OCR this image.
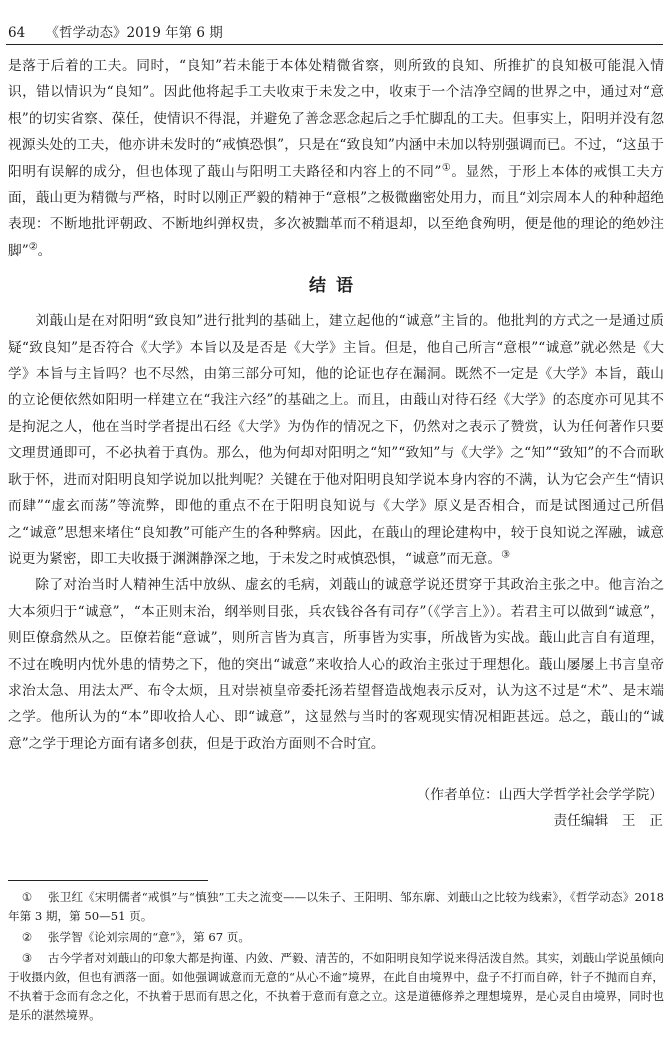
64 《哲学动态》2019 年第 6 期

是落于后着的工夫。同时，“良知”若未能于本体处精微省察，则所致的良知、所推扩的良知极可能混入情识，错以情识为“良知”。因此他将起手工夫收束于未发之中，收束于一个洁净空阔的世界之中，通过对“意根”的切实省察、葆任，使情识不得混，并避免了善念恶念起后之手忙脚乱的工夫。但事实上，阳明并没有忽视源头处的工夫，他亦讲未发时的“戒慎恐惧”，只是在“致良知”内涵中未加以特别强调而已。不过，“这虽于阳明有误解的成分，但也体现了蕺山与阳明工夫路径和内容上的不同”①。显然，于形上本体的戒惧工夫方面，蕺山更为精微与严格，时时以刚正严毅的精神于“意根”之极微幽密处用力，而且“刘宗周本人的种种超绝表现：不断地批评朝政、不断地纠弹权贵，多次被黜革而不稍退却，以至绝食殉明，便是他的理论的绝妙注脚”②。

结语

刘蕺山是在对阳明“致良知”进行批判的基础上，建立起他的“诚意”主旨的。他批判的方式之一是通过质疑“致良知”是否符合《大学》本旨以及是否是《大学》主旨。但是，他自己所言“意根”“诚意”就必然是《大学》本旨与主旨吗？也不尽然，由第三部分可知，他的论证也存在漏洞。既然不一定是《大学》本旨，蕺山的立论便依然如阳明一样建立在“我注六经”的基础之上。而且，由蕺山对待石经《大学》的态度亦可见其不是拘泥之人，他在当时学者提出石经《大学》为伪作的情况之下，仍然对之表示了赞赏，认为任何著作只要文理贯通即可，不必执着于真伪。那么，他为何却对阳明之“知”“致知”与《大学》之“知”“致知”的不合而耿耿于怀，进而对阳明良知学说加以批判呢？关键在于他对阳明良知学说本身内容的不满，认为它会产生“情识而肆”“虚玄而荡”等流弊，即他的重点不在于阳明良知说与《大学》原义是否相合，而是试图通过己所倡之“诚意”思想来堵住“良知教”可能产生的各种弊病。因此，在蕺山的理论建构中，较于良知说之浑融，诚意说更为紧密，即工夫收摄于渊渊静深之地，于未发之时戒慎恐惧，“诚意”而无意。③

除了对治当时人精神生活中放纵、虚玄的毛病，刘蕺山的诚意学说还贯穿于其政治主张之中。他言治之大本须归于“诚意”，“本正则末治，纲举则目张，兵农钱谷各有司存”（《学言上》）。若君主可以做到“诚意”，则臣僚翕然从之。臣僚若能“意诚”，则所言皆为真言，所事皆为实事，所战皆为实战。蕺山此言自有道理，不过在晚明内忧外患的情势之下，他的突出“诚意”来收拾人心的政治主张过于理想化。蕺山屡屡上书言皇帝求治太急、用法太严、布令太烦，且对崇祯皇帝委托汤若望督造战炮表示反对，认为这不过是“术”、是末端之学。他所认为的“本”即收拾人心、即“诚意”，这显然与当时的客观现实情况相距甚远。总之，蕺山的“诚意”之学于理论方面有诸多创获，但是于政治方面则不合时宜。

（作者单位：山西大学哲学社会学学院）
责任编辑　王　正

① 张卫红《宋明儒者“戒惧”与“慎独”工夫之流变——以朱子、王阳明、邹东廓、刘蕺山之比较为线索》，《哲学动态》2018 年第 3 期，第 50—51 页。

② 张学智《论刘宗周的“意”》，第 67 页。

③ 古今学者对刘蕺山的印象大都是拘谨、内敛、严毅、清苦的，不如阳明良知学说来得活泼自然。其实，刘蕺山学说虽倾向于收摄内敛，但也有洒落一面。如他强调诚意而无意的“从心不逾”境界，在此自由境界中，盘子不打而自碎，针子不抛而自弃，不执着于念而有念之化，不执着于思而有思之化，不执着于意而有意之立。这是道德修养之理想境界，是心灵自由境界，同时也是乐的湛然境界。
